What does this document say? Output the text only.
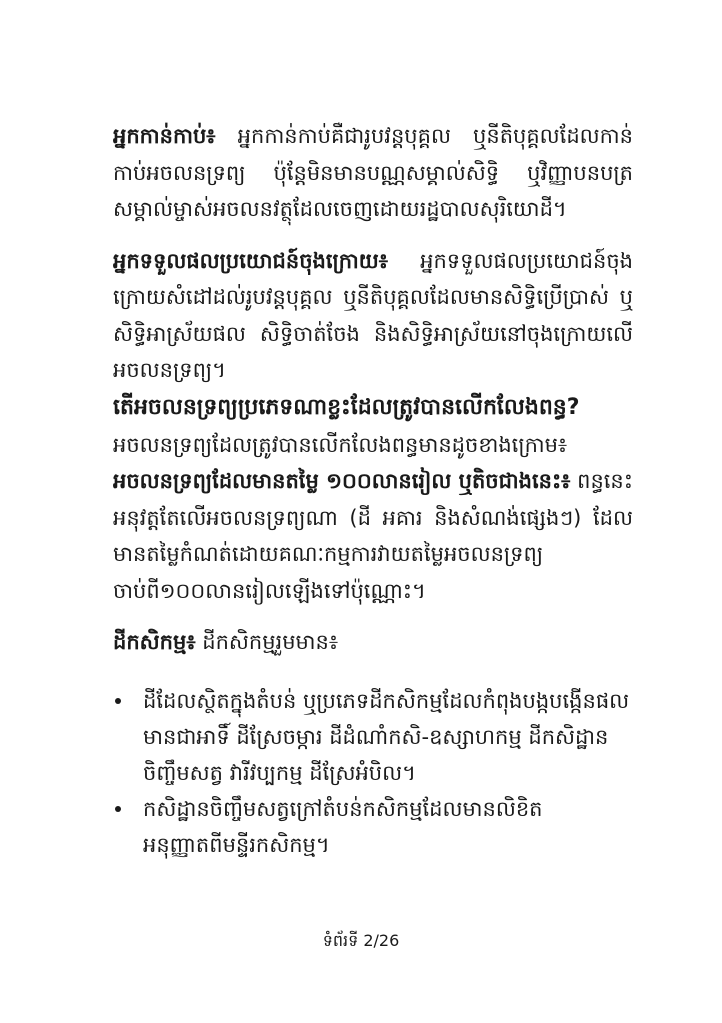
អ្នកកាន់កាប់៖ អ្នកកាន់កាប់គឺជារូបវន្តបុគ្គល ឬនីតិបុគ្គលដែលកាន់កាប់អចលនទ្រព្យ ប៉ុន្តែមិនមានបណ្ណសម្គាល់សិទ្ធិ ឬវិញ្ញាបនបត្រសម្គាល់ម្ចាស់អចលនវត្ថុដែលចេញដោយរដ្ឋបាលសុរិយោដី។

អ្នកទទួលផលប្រយោជន៍ចុងក្រោយ៖ អ្នកទទួលផលប្រយោជន៍ចុងក្រោយសំដៅដល់រូបវន្តបុគ្គល ឬនីតិបុគ្គលដែលមានសិទ្ធិប្រើប្រាស់ ឬសិទ្ធិអាស្រ័យផល សិទ្ធិចាត់ចែង និងសិទ្ធិអាស្រ័យនៅចុងក្រោយលើអចលនទ្រព្យ។

តើអចលនទ្រព្យប្រភេទណាខ្លះដែលត្រូវបានលើកលែងពន្ធ?

អចលនទ្រព្យដែលត្រូវបានលើកលែងពន្ធមានដូចខាងក្រោម៖

អចលនទ្រព្យដែលមានតម្លៃ ១០០លានរៀល ឬតិចជាងនេះ៖ ពន្ធនេះអនុវត្តតែលើអចលនទ្រព្យណា (ដី អគារ និងសំណង់ផ្សេងៗ) ដែលមានតម្លៃកំណត់ដោយគណៈកម្មការវាយតម្លៃអចលនទ្រព្យ ចាប់ពី១០០លានរៀលឡើងទៅប៉ុណ្ណោះ។

ដីកសិកម្ម៖ ដីកសិកម្មរួមមាន៖

ដីដែលស្ថិតក្នុងតំបន់ ឬប្រភេទដីកសិកម្មដែលកំពុងបង្កបង្កើនផលមានជាអាទិ៍ ដីស្រែចម្ការ ដីដំណាំកសិ-ឧស្សាហកម្ម ដីកសិដ្ឋានចិញ្ចឹមសត្វ វារីវប្បកម្ម ដីស្រែអំបិល។
កសិដ្ឋានចិញ្ចឹមសត្វក្រៅតំបន់កសិកម្មដែលមានលិខិតអនុញ្ញាតពីមន្ទីរកសិកម្ម។
ទំព័រទី 2/26
